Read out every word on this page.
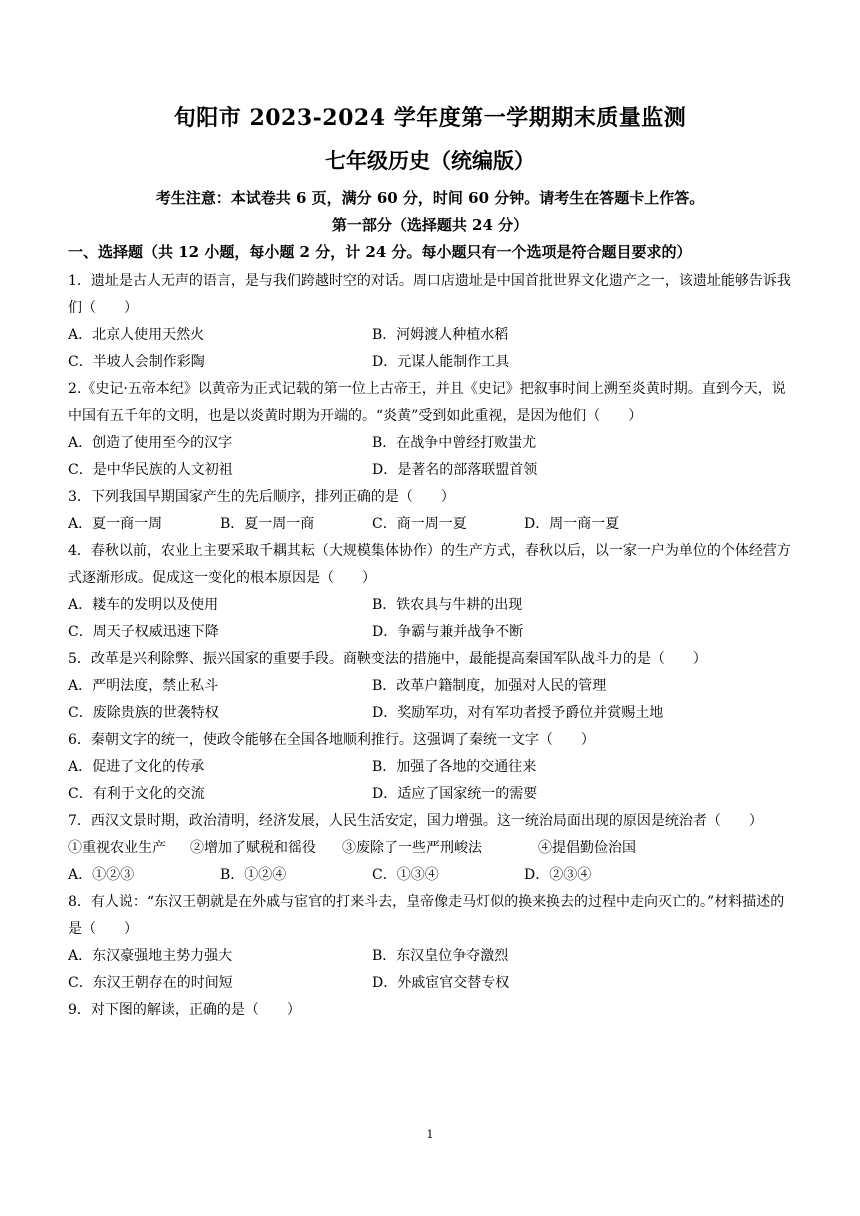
旬阳市 2023-2024 学年度第一学期期末质量监测
七年级历史（统编版）
考生注意：本试卷共 6 页，满分 60 分，时间 60 分钟。请考生在答题卡上作答。
第一部分（选择题共 24 分）
一、选择题（共 12 小题，每小题 2 分，计 24 分。每小题只有一个选项是符合题目要求的）
1．遗址是古人无声的语言，是与我们跨越时空的对话。周口店遗址是中国首批世界文化遗产之一，该遗址能够告诉我们（　　）
A．北京人使用天然火	B．河姆渡人种植水稻
C．半坡人会制作彩陶	D．元谋人能制作工具
2.《史记·五帝本纪》以黄帝为正式记载的第一位上古帝王，并且《史记》把叙事时间上溯至炎黄时期。直到今天，说中国有五千年的文明，也是以炎黄时期为开端的。“炎黄”受到如此重视，是因为他们（　　）
A．创造了使用至今的汉字	B．在战争中曾经打败蚩尤
C．是中华民族的人文初祖	D．是著名的部落联盟首领
3．下列我国早期国家产生的先后顺序，排列正确的是（　　）
A．夏一商一周	B．夏一周一商	C．商一周一夏	D．周一商一夏
4．春秋以前，农业上主要采取千耦其耘（大规模集体协作）的生产方式，春秋以后，以一家一户为单位的个体经营方式逐渐形成。促成这一变化的根本原因是（　　）
A．耧车的发明以及使用	B．铁农具与牛耕的出现
C．周天子权威迅速下降	D．争霸与兼并战争不断
5．改革是兴利除弊、振兴国家的重要手段。商鞅变法的措施中，最能提高秦国军队战斗力的是（　　）
A．严明法度，禁止私斗	B．改革户籍制度，加强对人民的管理
C．废除贵族的世袭特权	D．奖励军功，对有军功者授予爵位并赏赐土地
6．秦朝文字的统一，使政令能够在全国各地顺利推行。这强调了秦统一文字（　　）
A．促进了文化的传承	B．加强了各地的交通往来
C．有利于文化的交流	D．适应了国家统一的需要
7．西汉文景时期，政治清明，经济发展，人民生活安定，国力增强。这一统治局面出现的原因是统治者（　　）
①重视农业生产 ②增加了赋税和徭役 ③废除了一些严刑峻法	④提倡勤俭治国
A．①②③	B．①②④	C．①③④	D．②③④
8．有人说：“东汉王朝就是在外戚与宦官的打来斗去，皇帝像走马灯似的换来换去的过程中走向灭亡的。”材料描述的是（　　）
A．东汉豪强地主势力强大	B．东汉皇位争夺激烈
C．东汉王朝存在的时间短	D．外戚宦官交替专权
9．对下图的解读，正确的是（　　）
1
